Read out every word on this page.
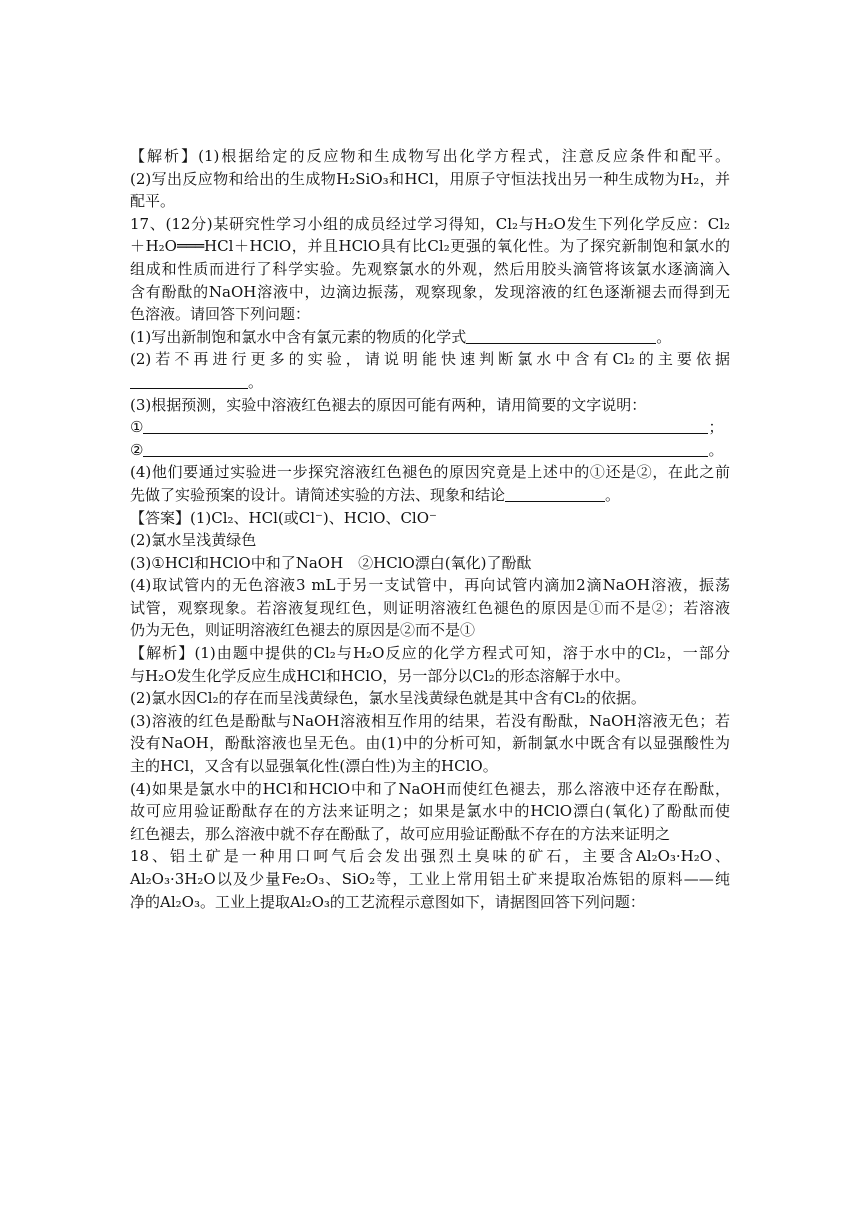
【解析】(1)根据给定的反应物和生成物写出化学方程式，注意反应条件和配平。
(2)写出反应物和给出的生成物H₂SiO₃和HCl，用原子守恒法找出另一种生成物为H₂，并
配平。
17、(12分)某研究性学习小组的成员经过学习得知，Cl₂与H₂O发生下列化学反应：Cl₂
＋H₂O═══HCl＋HClO，并且HClO具有比Cl₂更强的氧化性。为了探究新制饱和氯水的
组成和性质而进行了科学实验。先观察氯水的外观，然后用胶头滴管将该氯水逐滴滴入
含有酚酞的NaOH溶液中，边滴边振荡，观察现象，发现溶液的红色逐渐褪去而得到无
色溶液。请回答下列问题：
(1)写出新制饱和氯水中含有氯元素的物质的化学式	。
(2)若不再进行更多的实验，请说明能快速判断氯水中含有Cl₂的主要依据
。
(3)根据预测，实验中溶液红色褪去的原因可能有两种，请用简要的文字说明：
①	；
②	。
(4)他们要通过实验进一步探究溶液红色褪色的原因究竟是上述中的①还是②，在此之前
先做了实验预案的设计。请简述实验的方法、现象和结论	。
【答案】(1)Cl₂、HCl(或Cl⁻)、HClO、ClO⁻
(2)氯水呈浅黄绿色
(3)①HCl和HClO中和了NaOH　②HClO漂白(氧化)了酚酞
(4)取试管内的无色溶液3 mL于另一支试管中，再向试管内滴加2滴NaOH溶液，振荡
试管，观察现象。若溶液复现红色，则证明溶液红色褪色的原因是①而不是②；若溶液
仍为无色，则证明溶液红色褪去的原因是②而不是①
【解析】(1)由题中提供的Cl₂与H₂O反应的化学方程式可知，溶于水中的Cl₂，一部分
与H₂O发生化学反应生成HCl和HClO，另一部分以Cl₂的形态溶解于水中。
(2)氯水因Cl₂的存在而呈浅黄绿色，氯水呈浅黄绿色就是其中含有Cl₂的依据。
(3)溶液的红色是酚酞与NaOH溶液相互作用的结果，若没有酚酞，NaOH溶液无色；若
没有NaOH，酚酞溶液也呈无色。由(1)中的分析可知，新制氯水中既含有以显强酸性为
主的HCl，又含有以显强氧化性(漂白性)为主的HClO。
(4)如果是氯水中的HCl和HClO中和了NaOH而使红色褪去，那么溶液中还存在酚酞，
故可应用验证酚酞存在的方法来证明之；如果是氯水中的HClO漂白(氧化)了酚酞而使
红色褪去，那么溶液中就不存在酚酞了，故可应用验证酚酞不存在的方法来证明之
18、铝土矿是一种用口呵气后会发出强烈土臭味的矿石，主要含Al₂O₃·H₂O、
Al₂O₃·3H₂O以及少量Fe₂O₃、SiO₂等，工业上常用铝土矿来提取冶炼铝的原料——纯
净的Al₂O₃。工业上提取Al₂O₃的工艺流程示意图如下，请据图回答下列问题：
